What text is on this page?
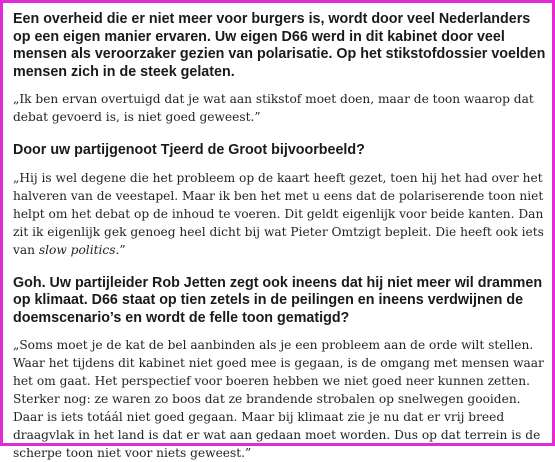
Een overheid die er niet meer voor burgers is, wordt door veel Nederlanders op een eigen manier ervaren. Uw eigen D66 werd in dit kabinet door veel mensen als veroorzaker gezien van polarisatie. Op het stikstofdossier voelden mensen zich in de steek gelaten.

„Ik ben ervan overtuigd dat je wat aan stikstof moet doen, maar de toon waarop dat debat gevoerd is, is niet goed geweest.”

Door uw partijgenoot Tjeerd de Groot bijvoorbeeld?

„Hij is wel degene die het probleem op de kaart heeft gezet, toen hij het had over het halveren van de veestapel. Maar ik ben het met u eens dat de polariserende toon niet helpt om het debat op de inhoud te voeren. Dit geldt eigenlijk voor beide kanten. Dan zit ik eigenlijk gek genoeg heel dicht bij wat Pieter Omtzigt bepleit. Die heeft ook iets van slow politics.”

Goh. Uw partijleider Rob Jetten zegt ook ineens dat hij niet meer wil drammen op klimaat. D66 staat op tien zetels in de peilingen en ineens verdwijnen de doemscenario’s en wordt de felle toon gematigd?

„Soms moet je de kat de bel aanbinden als je een probleem aan de orde wilt stellen. Waar het tijdens dit kabinet niet goed mee is gegaan, is de omgang met mensen waar het om gaat. Het perspectief voor boeren hebben we niet goed neer kunnen zetten. Sterker nog: ze waren zo boos dat ze brandende strobalen op snelwegen gooiden. Daar is iets totáál niet goed gegaan. Maar bij klimaat zie je nu dat er vrij breed draagvlak in het land is dat er wat aan gedaan moet worden. Dus op dat terrein is de scherpe toon niet voor niets geweest.”
